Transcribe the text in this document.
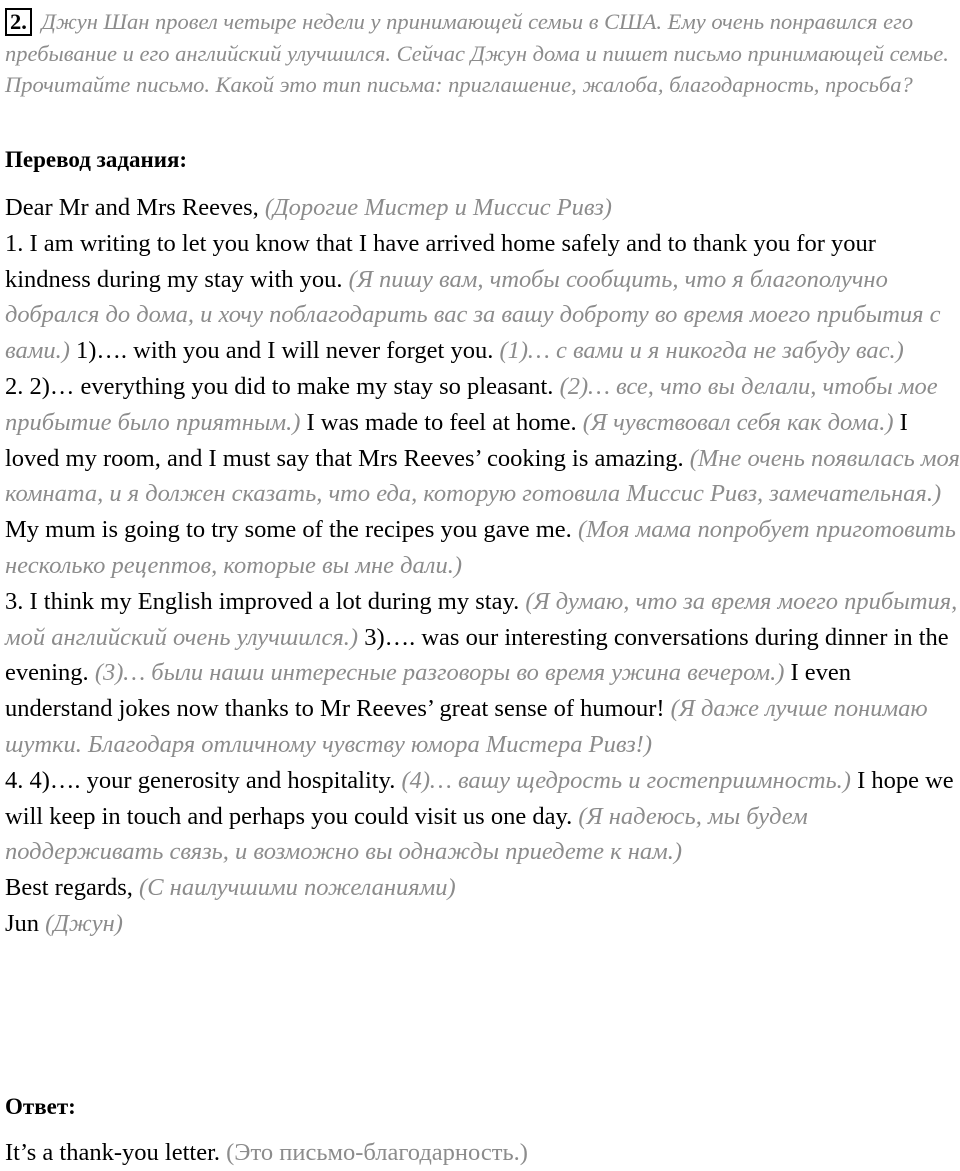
2. Джун Шан провел четыре недели у принимающей семьи в США. Ему очень понравился его пребывание и его английский улучшился. Сейчас Джун дома и пишет письмо принимающей семье. Прочитайте письмо. Какой это тип письма: приглашение, жалоба, благодарность, просьба?
Перевод задания:

Dear Mr and Mrs Reeves, (Дорогие Мистер и Миссис Ривз)

1. I am writing to let you know that I have arrived home safely and to thank you for your kindness during my stay with you. (Я пишу вам, чтобы сообщить, что я благополучно добрался до дома, и хочу поблагодарить вас за вашу доброту во время моего прибытия с вами.) 1)…. with you and I will never forget you. (1)… с вами и я никогда не забуду вас.)

2. 2)… everything you did to make my stay so pleasant. (2)… все, что вы делали, чтобы мое прибытие было приятным.) I was made to feel at home. (Я чувствовал себя как дома.) I loved my room, and I must say that Mrs Reeves’ cooking is amazing. (Мне очень появилась моя комната, и я должен сказать, что еда, которую готовила Миссис Ривз, замечательная.) My mum is going to try some of the recipes you gave me. (Моя мама попробует приготовить несколько рецептов, которые вы мне дали.)

3. I think my English improved a lot during my stay. (Я думаю, что за время моего прибытия, мой английский очень улучшился.) 3)…. was our interesting conversations during dinner in the evening. (3)… были наши интересные разговоры во время ужина вечером.) I even understand jokes now thanks to Mr Reeves’ great sense of humour! (Я даже лучше понимаю шутки. Благодаря отличному чувству юмора Мистера Ривз!)

4. 4)…. your generosity and hospitality. (4)… вашу щедрость и гостеприимность.) I hope we will keep in touch and perhaps you could visit us one day. (Я надеюсь, мы будем поддерживать связь, и возможно вы однажды приедете к нам.)

Best regards, (С наилучшими пожеланиями)

Jun (Джун)

Ответ:
It’s a thank-you letter. (Это письмо-благодарность.)
